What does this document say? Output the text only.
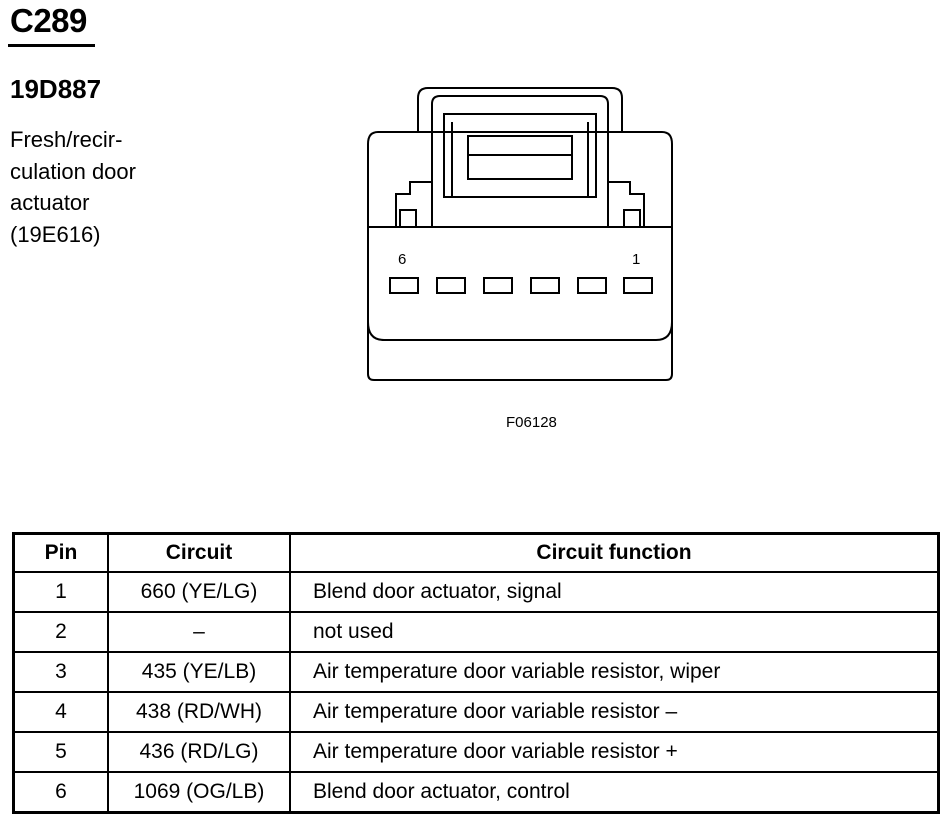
C289
19D887
Fresh/recir-
culation door
actuator
(19E616)
6	1
F06128
Pin	Circuit	Circuit function
1	660 (YE/LG)	Blend door actuator, signal
2	–	not used
3	435 (YE/LB)	Air temperature door variable resistor, wiper
4	438 (RD/WH)	Air temperature door variable resistor –
5	436 (RD/LG)	Air temperature door variable resistor +
6	1069 (OG/LB)	Blend door actuator, control
